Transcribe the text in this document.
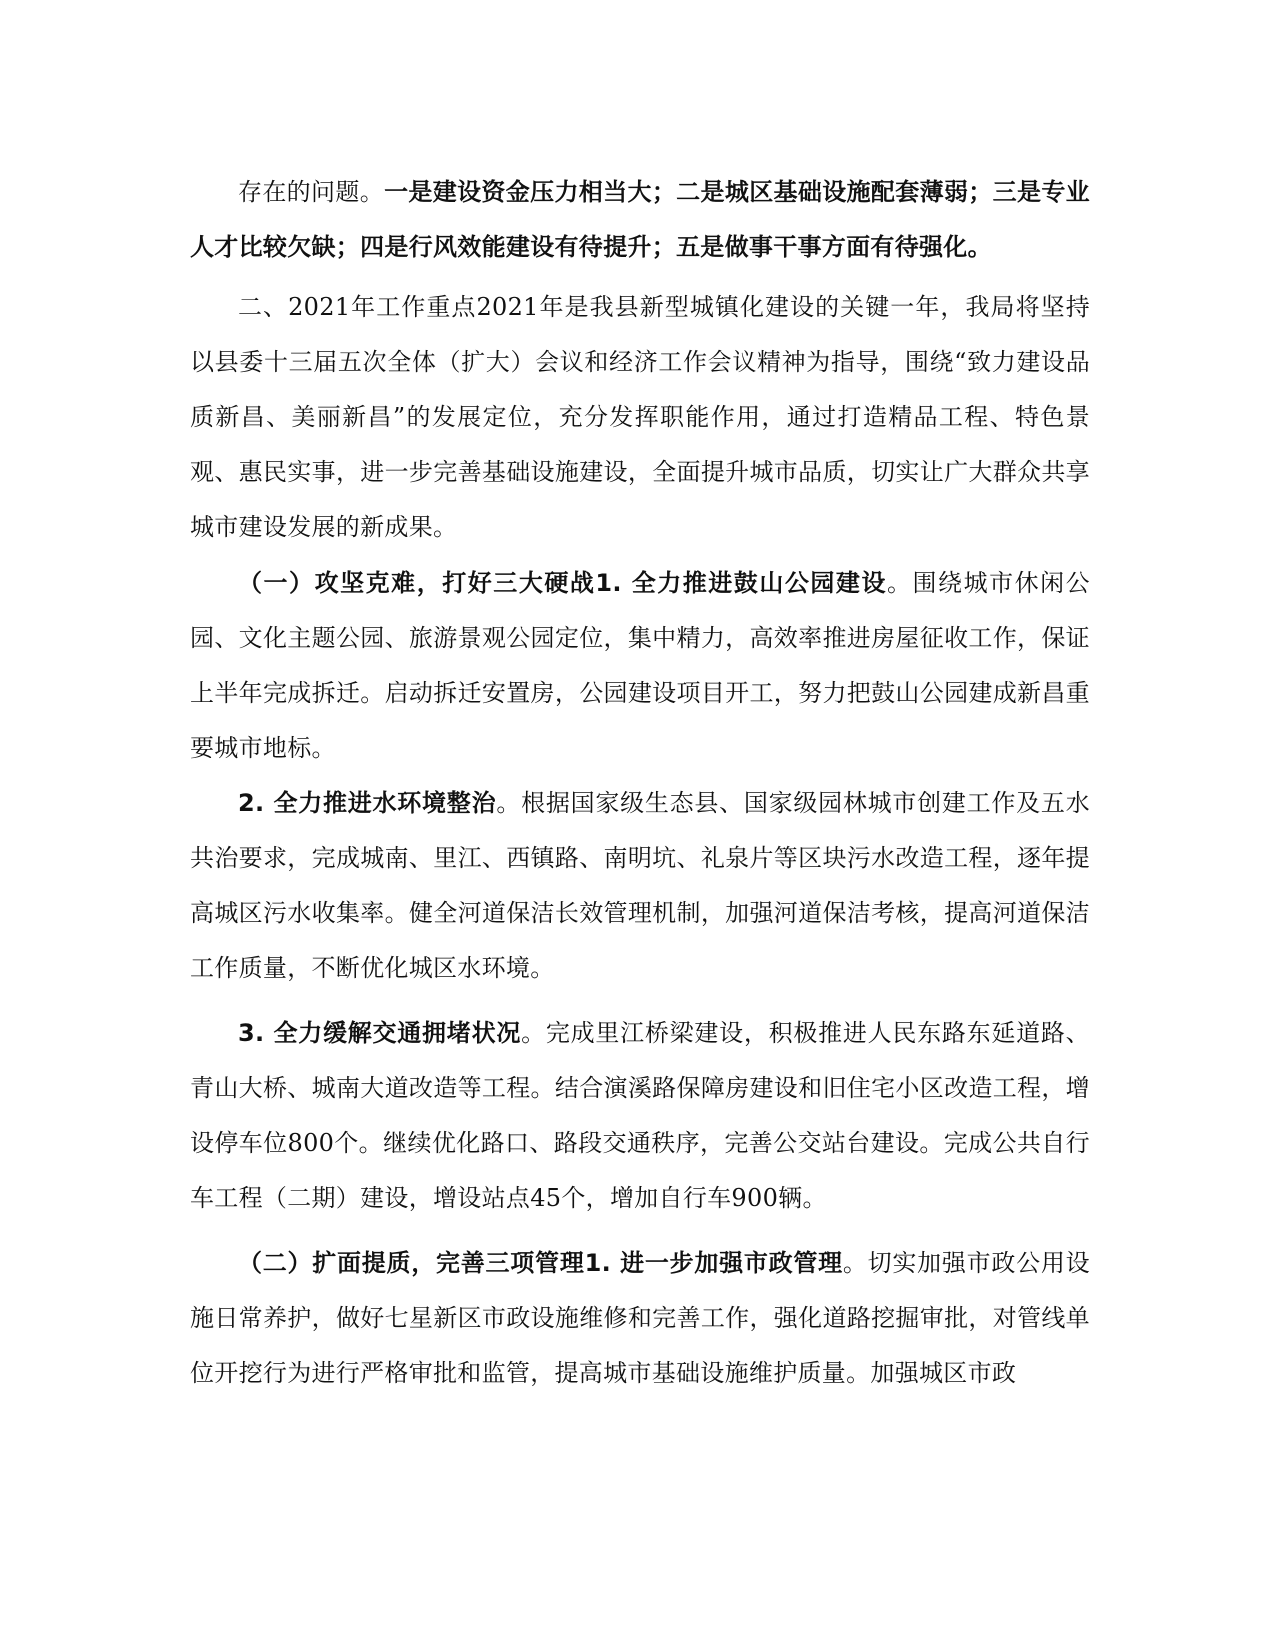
存在的问题。一是建设资金压力相当大；二是城区基础设施配套薄弱；三是专业人才比较欠缺；四是行风效能建设有待提升；五是做事干事方面有待强化。

二、2021年工作重点2021年是我县新型城镇化建设的关键一年，我局将坚持以县委十三届五次全体（扩大）会议和经济工作会议精神为指导，围绕“致力建设品质新昌、美丽新昌”的发展定位，充分发挥职能作用，通过打造精品工程、特色景观、惠民实事，进一步完善基础设施建设，全面提升城市品质，切实让广大群众共享城市建设发展的新成果。

（一）攻坚克难，打好三大硬战1. 全力推进鼓山公园建设。围绕城市休闲公园、文化主题公园、旅游景观公园定位，集中精力，高效率推进房屋征收工作，保证上半年完成拆迁。启动拆迁安置房，公园建设项目开工，努力把鼓山公园建成新昌重要城市地标。

2. 全力推进水环境整治。根据国家级生态县、国家级园林城市创建工作及五水共治要求，完成城南、里江、西镇路、南明坑、礼泉片等区块污水改造工程，逐年提高城区污水收集率。健全河道保洁长效管理机制，加强河道保洁考核，提高河道保洁工作质量，不断优化城区水环境。

3. 全力缓解交通拥堵状况。完成里江桥梁建设，积极推进人民东路东延道路、青山大桥、城南大道改造等工程。结合演溪路保障房建设和旧住宅小区改造工程，增设停车位800个。继续优化路口、路段交通秩序，完善公交站台建设。完成公共自行车工程（二期）建设，增设站点45个，增加自行车900辆。

（二）扩面提质，完善三项管理1. 进一步加强市政管理。切实加强市政公用设施日常养护，做好七星新区市政设施维修和完善工作，强化道路挖掘审批，对管线单位开挖行为进行严格审批和监管，提高城市基础设施维护质量。加强城区市政
